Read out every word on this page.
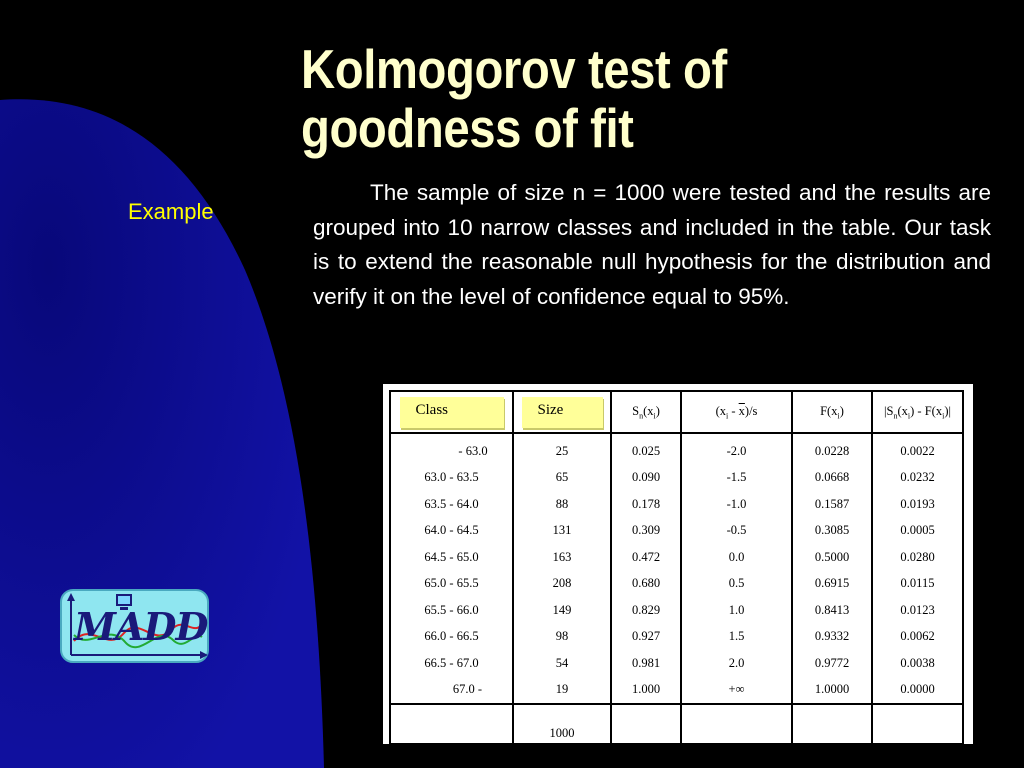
Kolmogorov test of
goodness of fit
Example

The sample of size n = 1000 were tested and the results are grouped into 10 narrow classes and included in the table. Our task is to extend the reasonable null hypothesis for the distribution and verify it on the level of confidence equal to 95%.

MADD
Class	Size	$S_n(x_i)$	$(x_i - \overline{x})/s$	$F(x_i)$	$|S_n(x_i) - F(x_i)|$
- 63.0	25	0.025	-2.0	0.0228	0.0022
63.0 - 63.5	65	0.090	-1.5	0.0668	0.0232
63.5 - 64.0	88	0.178	-1.0	0.1587	0.0193
64.0 - 64.5	131	0.309	-0.5	0.3085	0.0005
64.5 - 65.0	163	0.472	0.0	0.5000	0.0280
65.0 - 65.5	208	0.680	0.5	0.6915	0.0115
65.5 - 66.0	149	0.829	1.0	0.8413	0.0123
66.0 - 66.5	98	0.927	1.5	0.9332	0.0062
66.5 - 67.0	54	0.981	2.0	0.9772	0.0038
67.0 -	19	1.000	+∞	1.0000	0.0000
	1000				
